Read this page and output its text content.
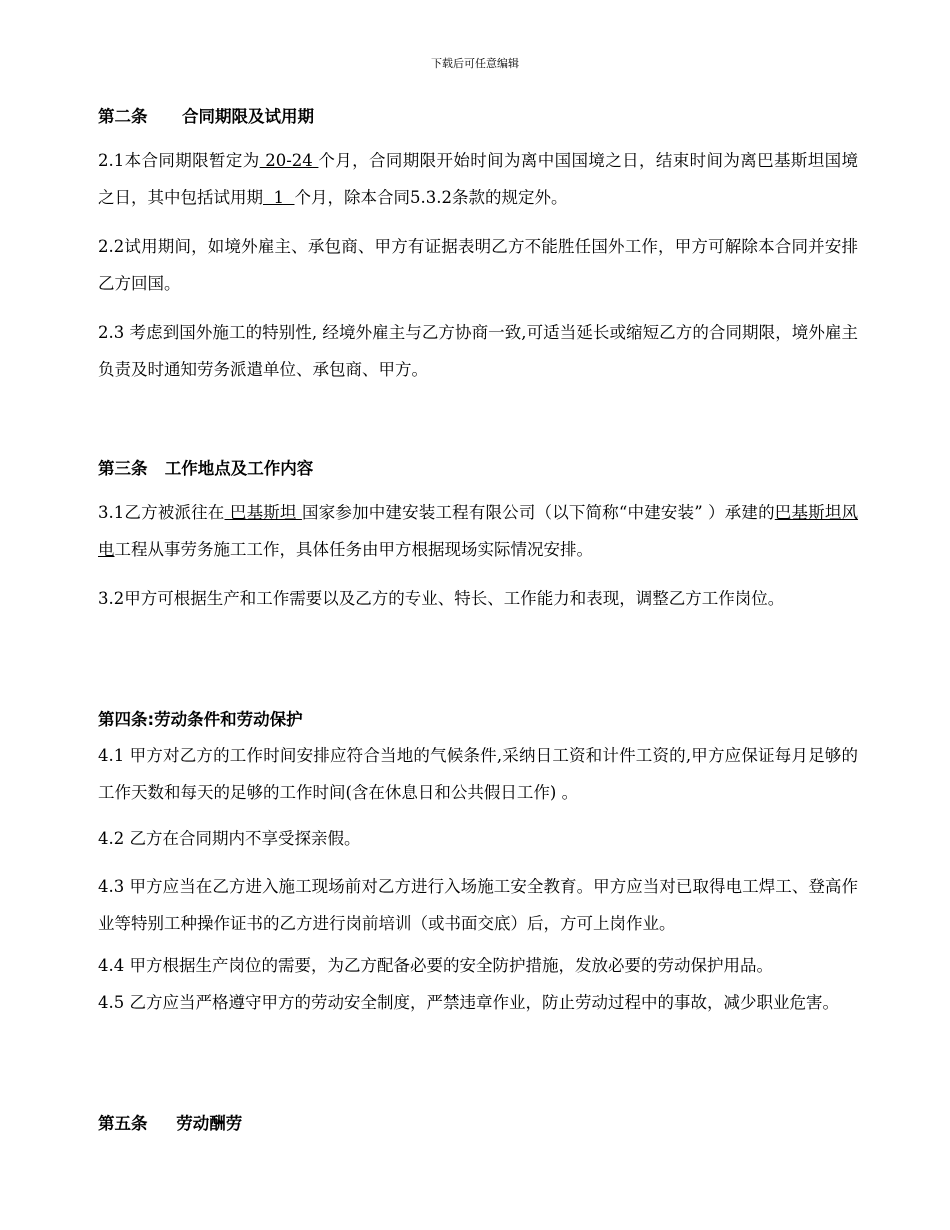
下载后可任意编辑
第二条      合同期限及试用期
2.1本合同期限暂定为 20-24 个月，合同期限开始时间为离中国国境之日，结束时间为离巴基斯坦国境之日，其中包括试用期  1  个月，除本合同5.3.2条款的规定外。
2.2试用期间，如境外雇主、承包商、甲方有证据表明乙方不能胜任国外工作，甲方可解除本合同并安排乙方回国。
2.3 考虑到国外施工的特别性, 经境外雇主与乙方协商一致,可适当延长或缩短乙方的合同期限，境外雇主负责及时通知劳务派遣单位、承包商、甲方。
第三条   工作地点及工作内容
3.1乙方被派往在 巴基斯坦 国家参加中建安装工程有限公司（以下简称“中建安装” ）承建的巴基斯坦风电工程从事劳务施工工作，具体任务由甲方根据现场实际情况安排。
3.2甲方可根据生产和工作需要以及乙方的专业、特长、工作能力和表现，调整乙方工作岗位。
第四条:劳动条件和劳动保护
4.1 甲方对乙方的工作时间安排应符合当地的气候条件,采纳日工资和计件工资的,甲方应保证每月足够的工作天数和每天的足够的工作时间(含在休息日和公共假日工作) 。
4.2 乙方在合同期内不享受探亲假。
4.3 甲方应当在乙方进入施工现场前对乙方进行入场施工安全教育。甲方应当对已取得电工焊工、登高作业等特别工种操作证书的乙方进行岗前培训（或书面交底）后，方可上岗作业。
4.4 甲方根据生产岗位的需要，为乙方配备必要的安全防护措施，发放必要的劳动保护用品。
4.5 乙方应当严格遵守甲方的劳动安全制度，严禁违章作业，防止劳动过程中的事故，减少职业危害。
第五条     劳动酬劳
